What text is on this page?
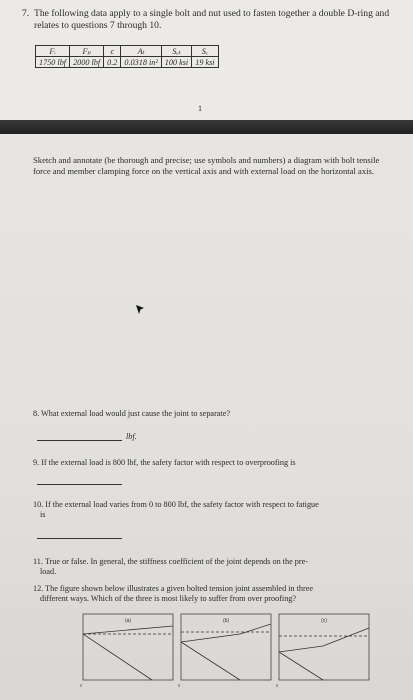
7. The following data apply to a single bolt and nut used to fasten together a double D-ring and relates to questions 7 through 10.
Fᵢ	Fₚ	c	Aₜ	Sᵤₜ	Sₑ
1750 lbf	2000 lbf	0.2	0.0318 in²	100 ksi	19 ksi
1
Sketch and annotate (be thorough and precise; use symbols and numbers) a diagram with bolt tensile force and member clamping force on the vertical axis and with external load on the horizontal axis.
8. What external load would just cause the joint to separate?
lbf.
9. If the external load is 800 lbf, the safety factor with respect to overproofing is
10. If the external load varies from 0 to 800 lbf, the safety factor with respect to fatigue
is
11. True or false. In general, the stiffness coefficient of the joint depends on the pre-
load.
12. The figure shown below illustrates a given bolted tension joint assembled in three
different ways. Which of the three is most likely to suffer from over proofing?
(a)
0
(b)
0
(c)
0
